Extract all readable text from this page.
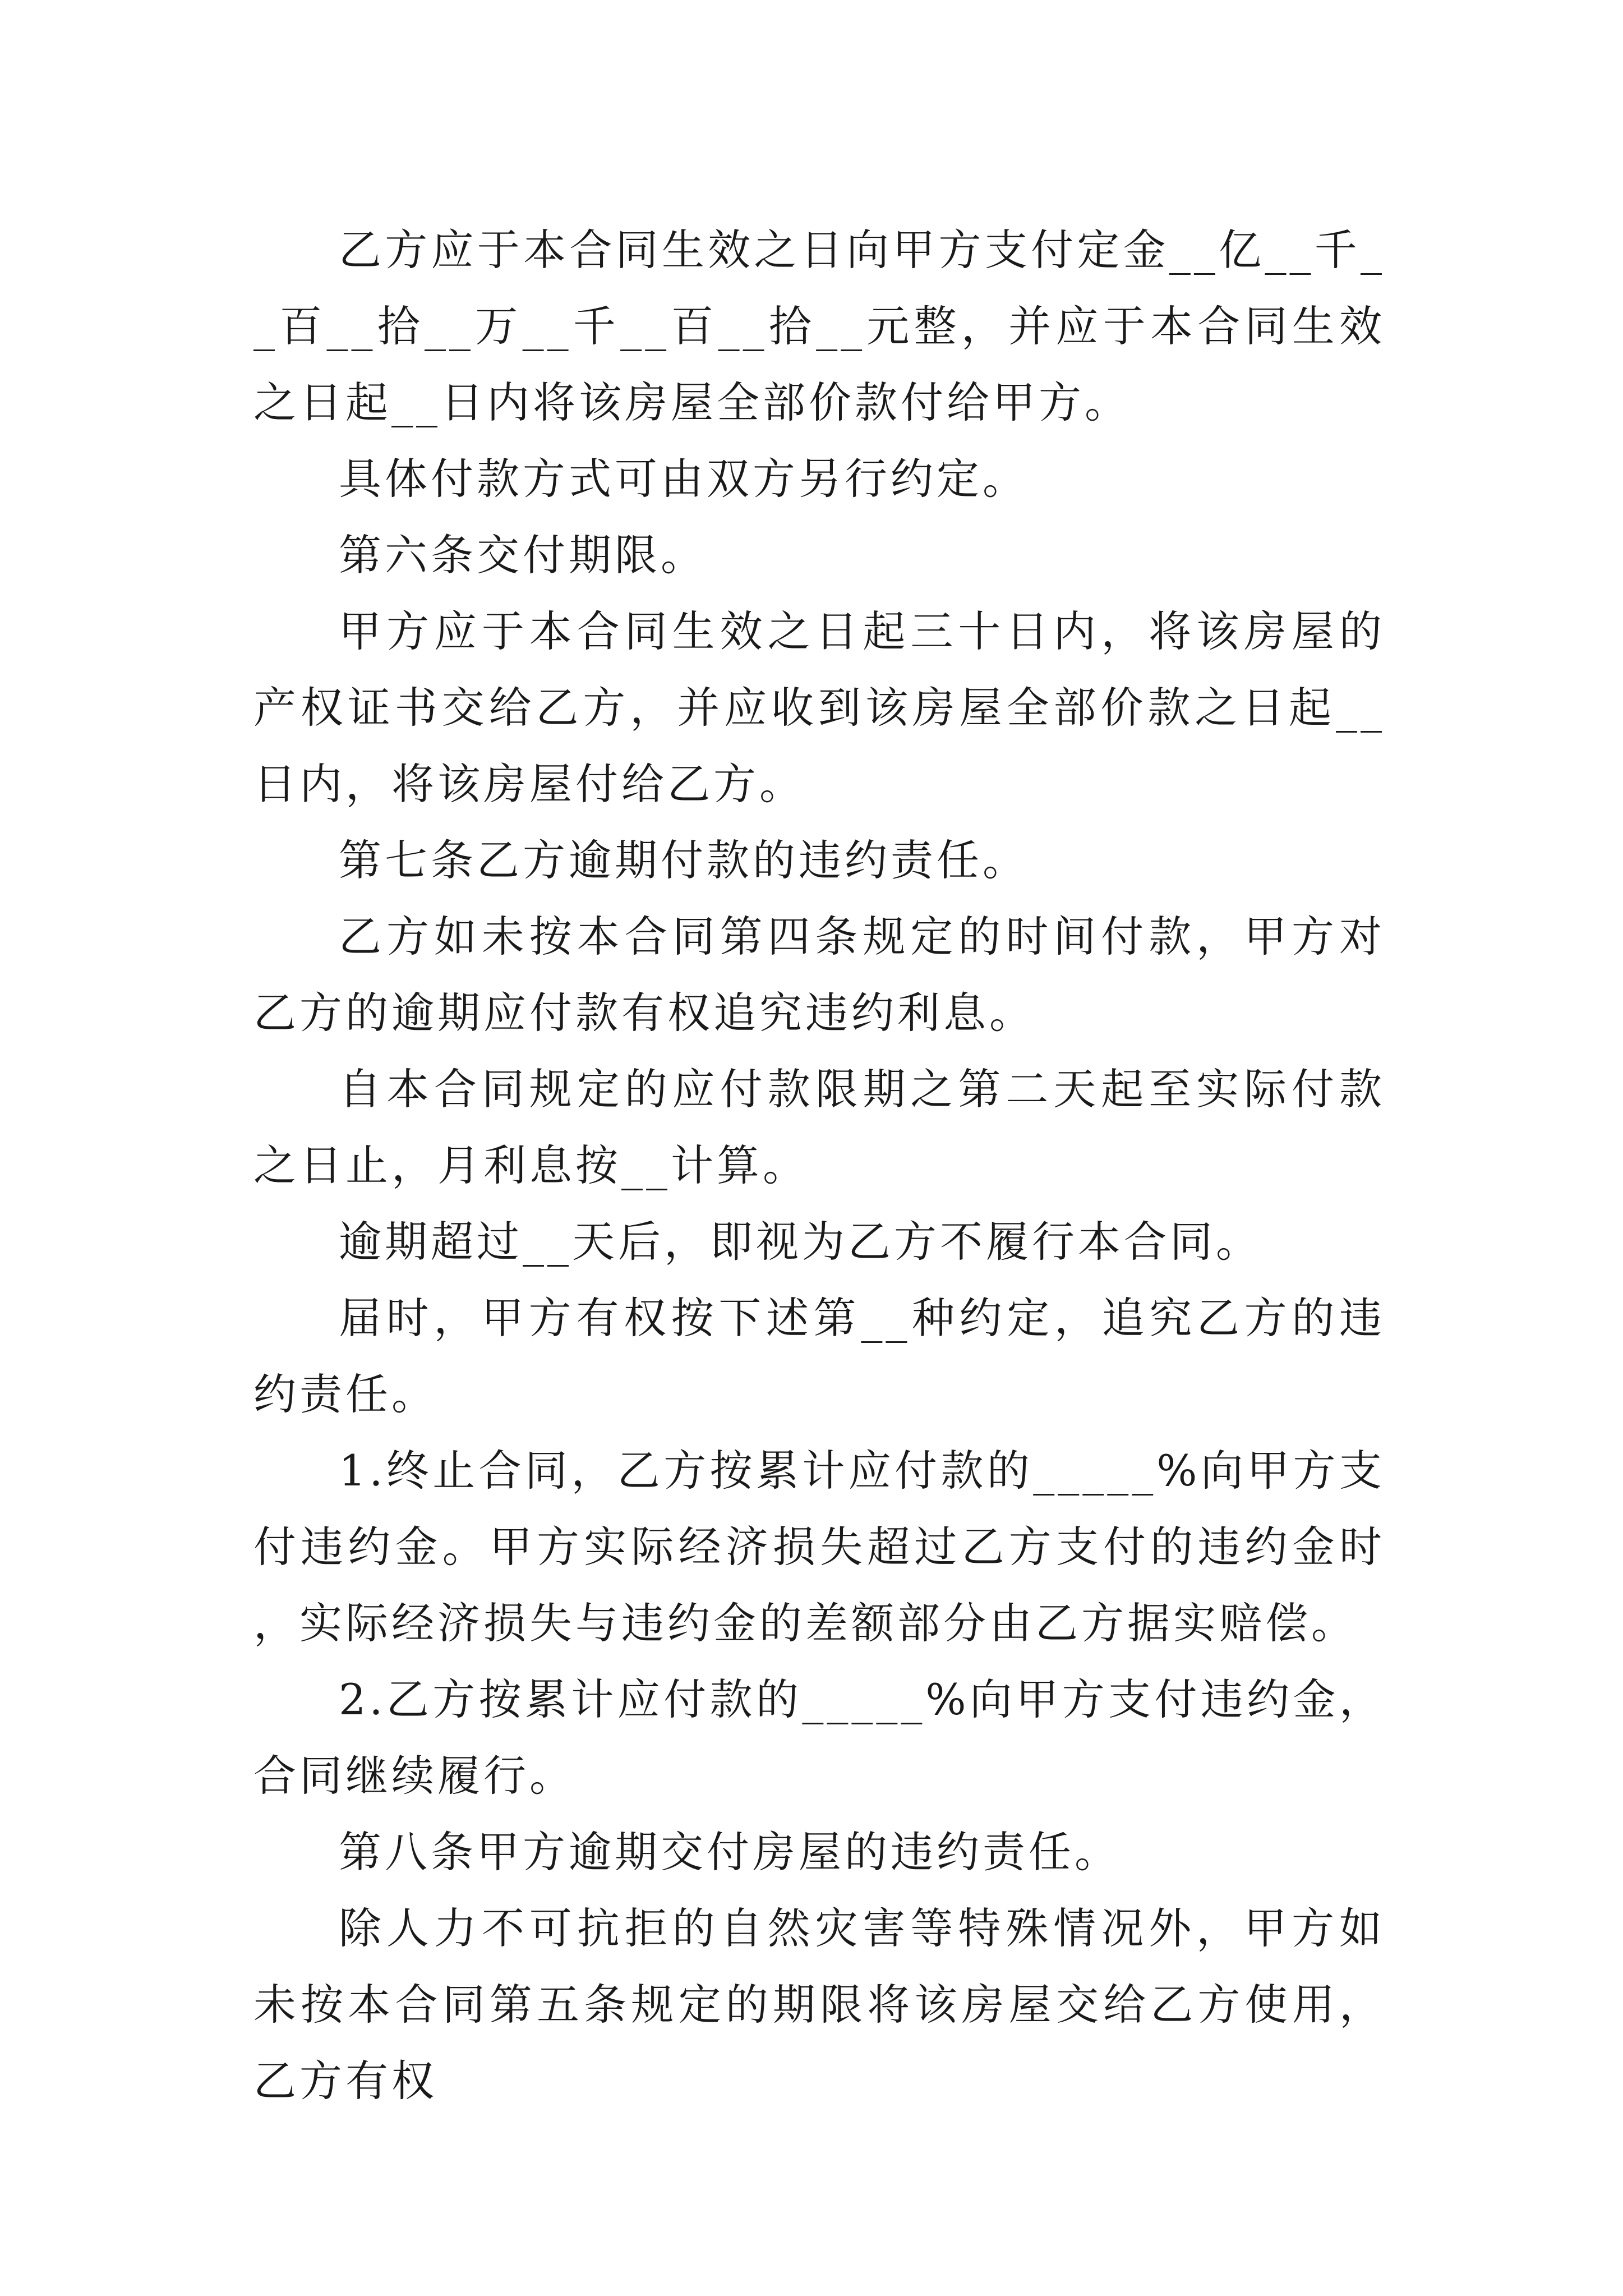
乙方应于本合同生效之日向甲方支付定金__亿__千__百__拾__万__千__百__拾__元整，并应于本合同生效之日起__日内将该房屋全部价款付给甲方。

具体付款方式可由双方另行约定。

第六条交付期限。

甲方应于本合同生效之日起三十日内，将该房屋的产权证书交给乙方，并应收到该房屋全部价款之日起__日内，将该房屋付给乙方。

第七条乙方逾期付款的违约责任。

乙方如未按本合同第四条规定的时间付款，甲方对乙方的逾期应付款有权追究违约利息。

自本合同规定的应付款限期之第二天起至实际付款之日止，月利息按__计算。

逾期超过__天后，即视为乙方不履行本合同。

届时，甲方有权按下述第__种约定，追究乙方的违约责任。

1.终止合同，乙方按累计应付款的_____%向甲方支付违约金。甲方实际经济损失超过乙方支付的违约金时，实际经济损失与违约金的差额部分由乙方据实赔偿。

2.乙方按累计应付款的_____%向甲方支付违约金，合同继续履行。

第八条甲方逾期交付房屋的违约责任。

除人力不可抗拒的自然灾害等特殊情况外，甲方如未按本合同第五条规定的期限将该房屋交给乙方使用，乙方有权
